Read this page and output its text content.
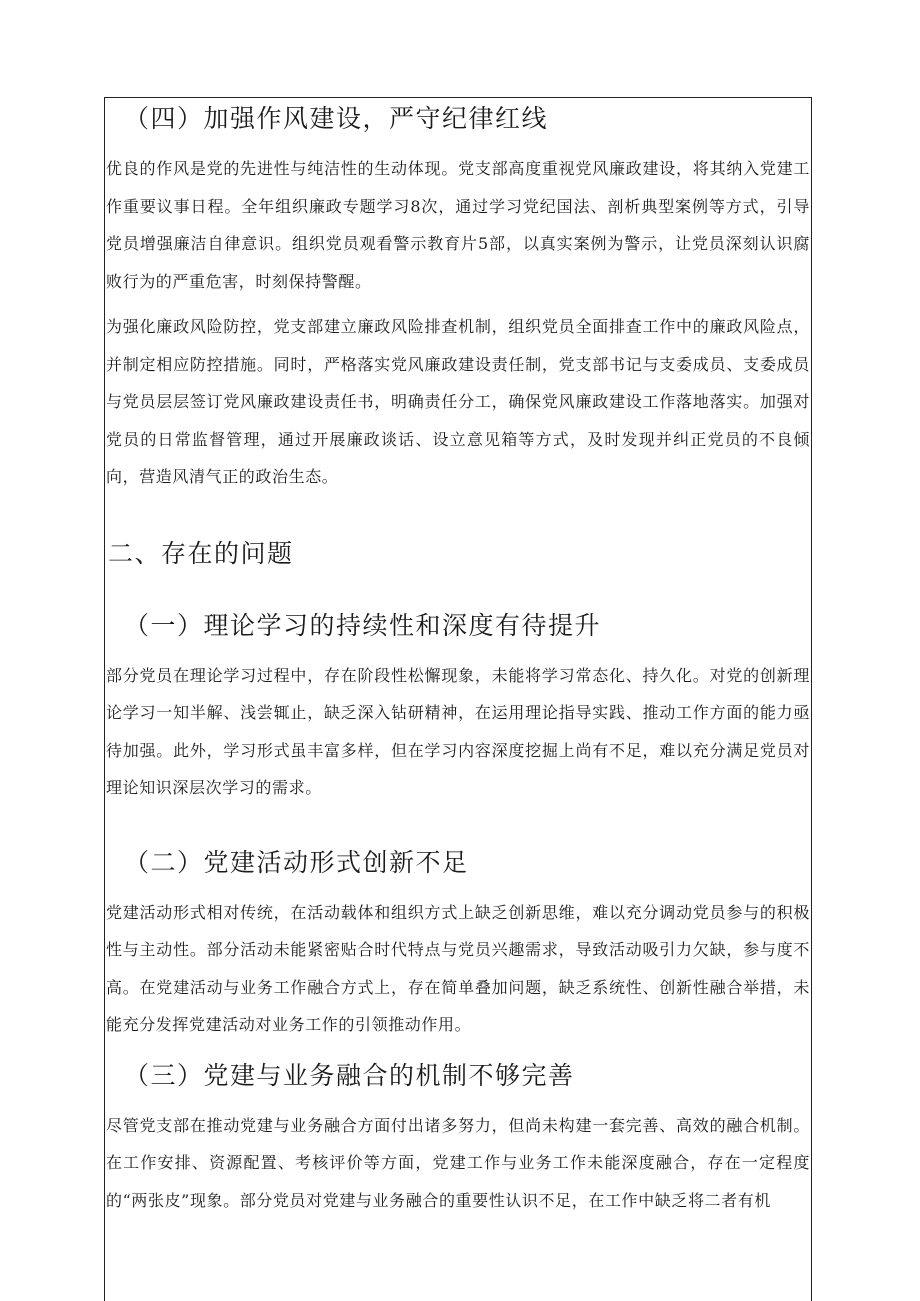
（四）加强作风建设，严守纪律红线

优良的作风是党的先进性与纯洁性的生动体现。党支部高度重视党风廉政建设，将其纳入党建工作重要议事日程。全年组织廉政专题学习8次，通过学习党纪国法、剖析典型案例等方式，引导党员增强廉洁自律意识。组织党员观看警示教育片5部，以真实案例为警示，让党员深刻认识腐败行为的严重危害，时刻保持警醒。

为强化廉政风险防控，党支部建立廉政风险排查机制，组织党员全面排查工作中的廉政风险点，并制定相应防控措施。同时，严格落实党风廉政建设责任制，党支部书记与支委成员、支委成员与党员层层签订党风廉政建设责任书，明确责任分工，确保党风廉政建设工作落地落实。加强对党员的日常监督管理，通过开展廉政谈话、设立意见箱等方式，及时发现并纠正党员的不良倾向，营造风清气正的政治生态。

二、存在的问题
（一）理论学习的持续性和深度有待提升

部分党员在理论学习过程中，存在阶段性松懈现象，未能将学习常态化、持久化。对党的创新理论学习一知半解、浅尝辄止，缺乏深入钻研精神，在运用理论指导实践、推动工作方面的能力亟待加强。此外，学习形式虽丰富多样，但在学习内容深度挖掘上尚有不足，难以充分满足党员对理论知识深层次学习的需求。

（二）党建活动形式创新不足

党建活动形式相对传统，在活动载体和组织方式上缺乏创新思维，难以充分调动党员参与的积极性与主动性。部分活动未能紧密贴合时代特点与党员兴趣需求，导致活动吸引力欠缺，参与度不高。在党建活动与业务工作融合方式上，存在简单叠加问题，缺乏系统性、创新性融合举措，未能充分发挥党建活动对业务工作的引领推动作用。

（三）党建与业务融合的机制不够完善

尽管党支部在推动党建与业务融合方面付出诸多努力，但尚未构建一套完善、高效的融合机制。在工作安排、资源配置、考核评价等方面，党建工作与业务工作未能深度融合，存在一定程度的“两张皮”现象。部分党员对党建与业务融合的重要性认识不足，在工作中缺乏将二者有机
